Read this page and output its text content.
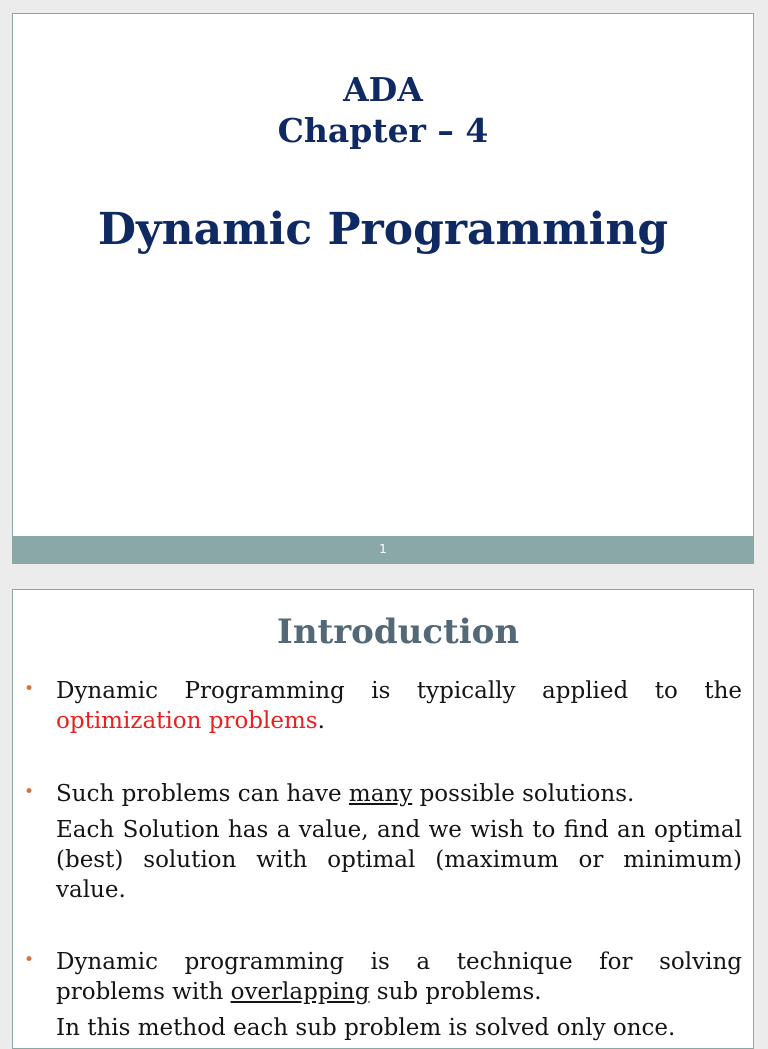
ADA
Chapter – 4
Dynamic Programming
1
Introduction
• Dynamic Programming is typically applied to the optimization problems.

• Such problems can have many possible solutions.

Each Solution has a value, and we wish to find an optimal (best) solution with optimal (maximum or minimum) value.

• Dynamic programming is a technique for solving problems with overlapping sub problems.

In this method each sub problem is solved only once.
